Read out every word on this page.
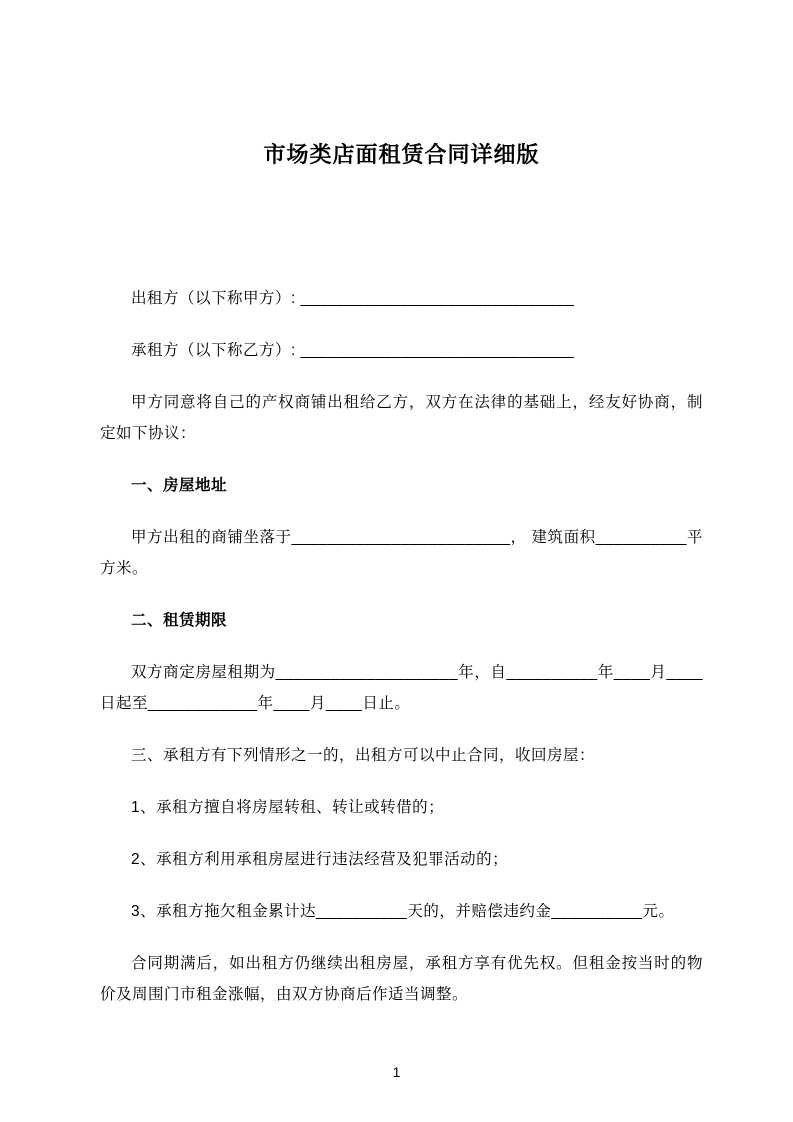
市场类店面租赁合同详细版

出租方（以下称甲方）: ______________________________

承租方（以下称乙方）: ______________________________

甲方同意将自己的产权商铺出租给乙方，双方在法律的基础上，经友好协商，制定如下协议：

一、房屋地址

甲方出租的商铺坐落于________________________， 建筑面积__________平方米。

二、租赁期限

双方商定房屋租期为____________________年，自__________年____月____日起至____________年____月____日止。

三、承租方有下列情形之一的，出租方可以中止合同，收回房屋：

1、承租方擅自将房屋转租、转让或转借的；

2、承租方利用承租房屋进行违法经营及犯罪活动的；

3、承租方拖欠租金累计达__________天的，并赔偿违约金__________元。

合同期满后，如出租方仍继续出租房屋，承租方享有优先权。但租金按当时的物价及周围门市租金涨幅，由双方协商后作适当调整。

1
